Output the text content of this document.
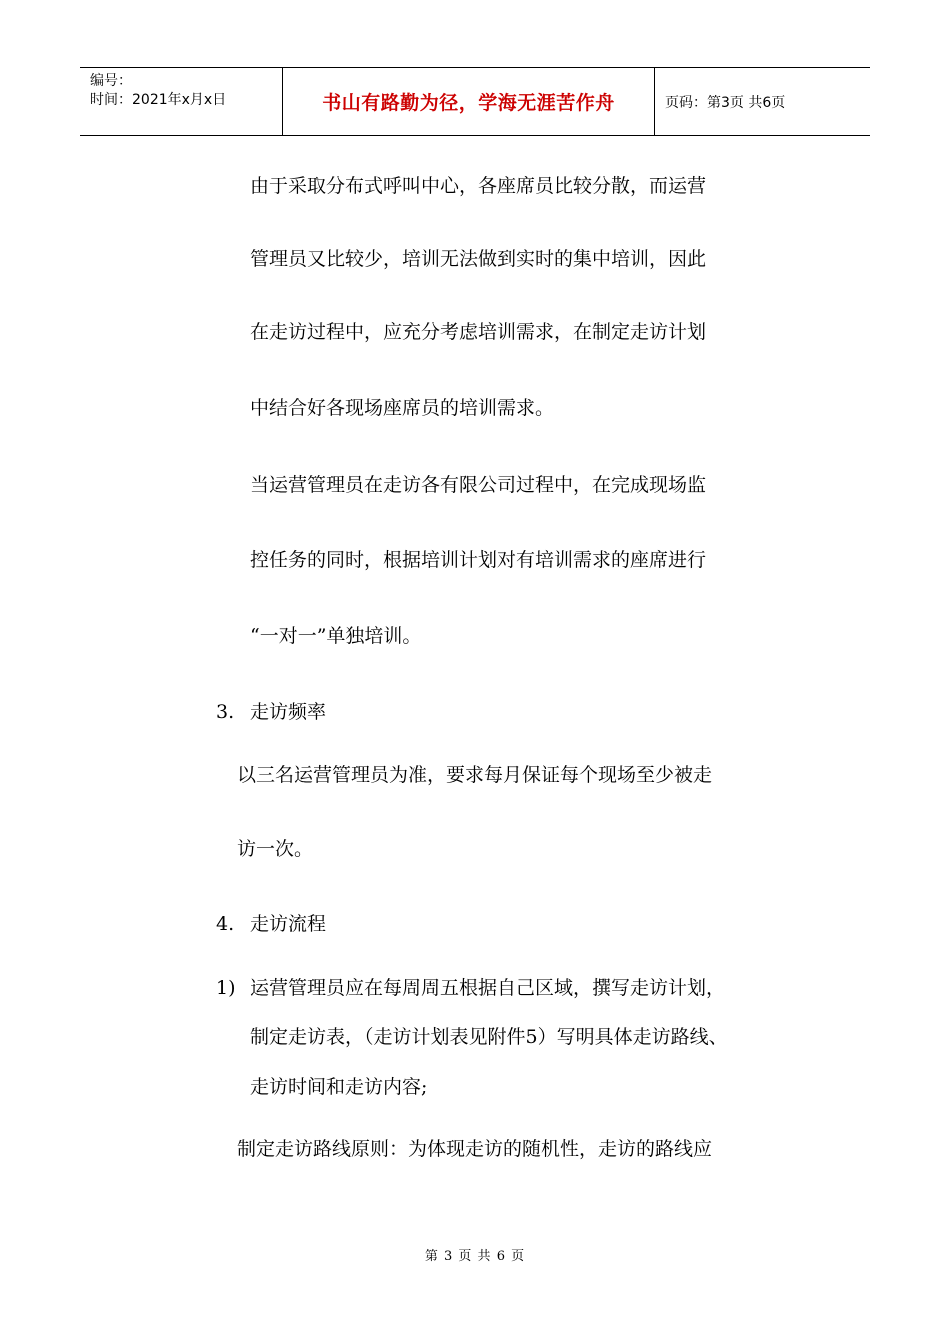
编号：
时间：2021年x月x日	书山有路勤为径，学海无涯苦作舟	页码：第3页 共6页
由于采取分布式呼叫中心，各座席员比较分散，而运营
管理员又比较少，培训无法做到实时的集中培训，因此
在走访过程中，应充分考虑培训需求，在制定走访计划
中结合好各现场座席员的培训需求。
当运营管理员在走访各有限公司过程中，在完成现场监
控任务的同时，根据培训计划对有培训需求的座席进行
“一对一”单独培训。
3. 走访频率
以三名运营管理员为准，要求每月保证每个现场至少被走
访一次。
4. 走访流程
1) 运营管理员应在每周周五根据自己区域，撰写走访计划，
制定走访表，（走访计划表见附件5）写明具体走访路线、
走访时间和走访内容;
制定走访路线原则：为体现走访的随机性，走访的路线应
第 3 页 共 6 页
